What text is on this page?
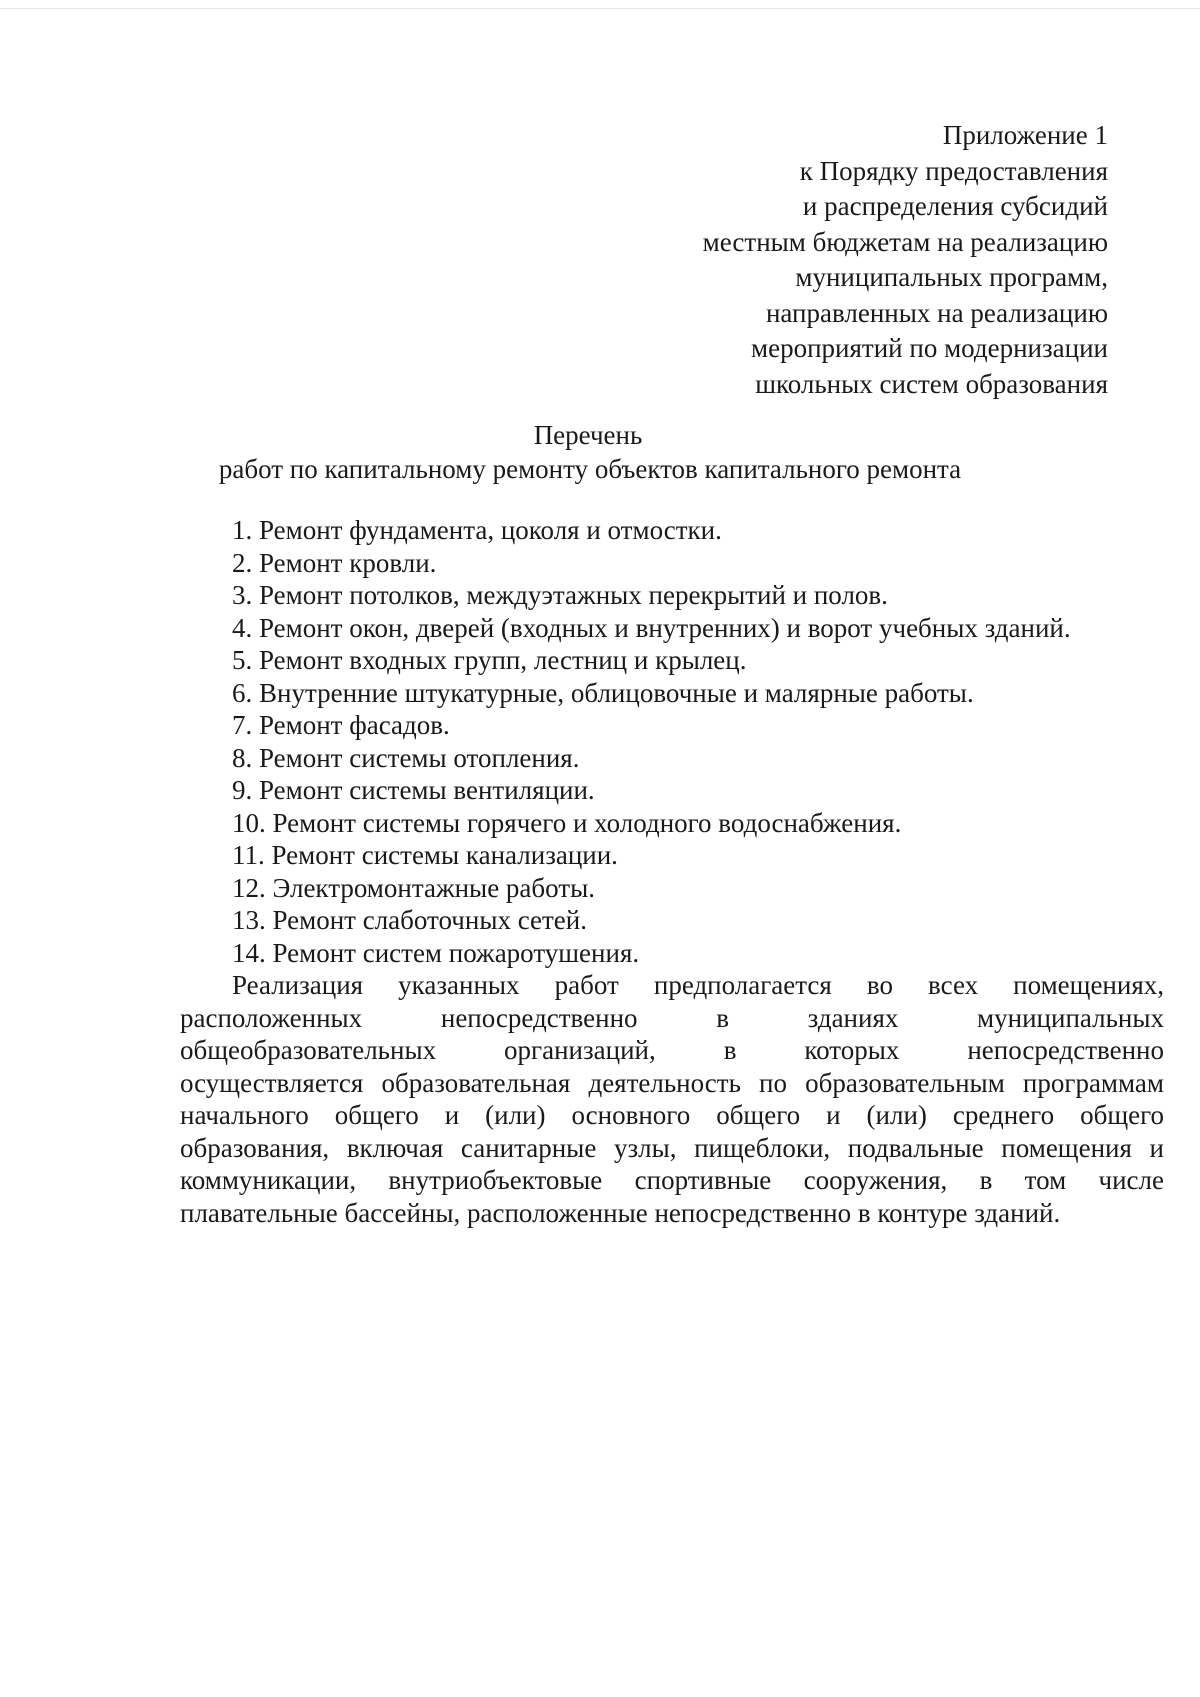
Приложение 1
к Порядку предоставления
и распределения субсидий
местным бюджетам на реализацию
муниципальных программ,
направленных на реализацию
мероприятий по модернизации
школьных систем образования
Перечень
работ по капитальному ремонту объектов капитального ремонта
1. Ремонт фундамента, цоколя и отмостки.
2. Ремонт кровли.
3. Ремонт потолков, междуэтажных перекрытий и полов.
4. Ремонт окон, дверей (входных и внутренних) и ворот учебных зданий.
5. Ремонт входных групп, лестниц и крылец.
6. Внутренние штукатурные, облицовочные и малярные работы.
7. Ремонт фасадов.
8. Ремонт системы отопления.
9. Ремонт системы вентиляции.
10. Ремонт системы горячего и холодного водоснабжения.
11. Ремонт системы канализации.
12. Электромонтажные работы.
13. Ремонт слаботочных сетей.
14. Ремонт систем пожаротушения.
Реализация указанных работ предполагается во всех помещениях,
расположенных непосредственно в зданиях муниципальных
общеобразовательных организаций, в которых непосредственно
осуществляется образовательная деятельность по образовательным программам
начального общего и (или) основного общего и (или) среднего общего
образования, включая санитарные узлы, пищеблоки, подвальные помещения и
коммуникации, внутриобъектовые спортивные сооружения, в том числе
плавательные бассейны, расположенные непосредственно в контуре зданий.
